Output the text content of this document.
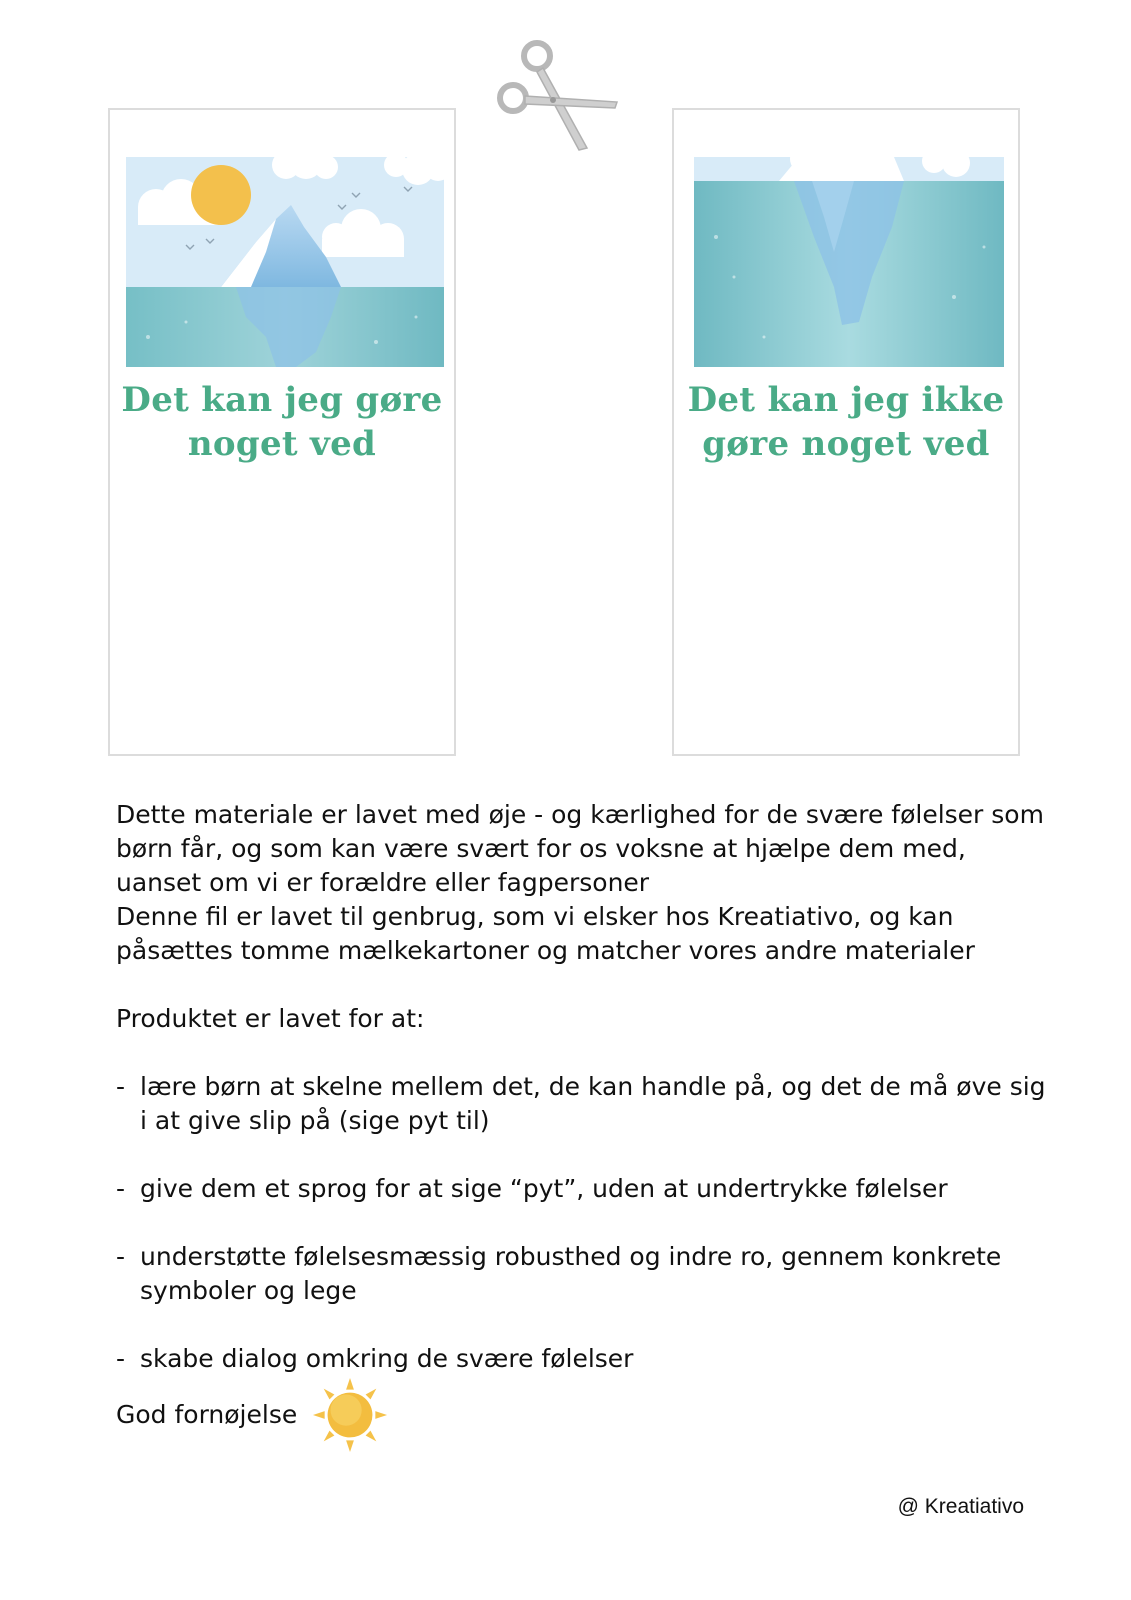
Det kan jeg gøre
noget ved
Det kan jeg ikke
gøre noget ved

Dette materiale er lavet med øje - og kærlighed for de svære følelser som børn får, og som kan være svært for os voksne at hjælpe dem med, uanset om vi er forældre eller fagpersoner

Denne fil er lavet til genbrug, som vi elsker hos Kreatiativo, og kan påsættes tomme mælkekartoner og matcher vores andre materialer

Produktet er lavet for at:

- lære børn at skelne mellem det, de kan handle på, og det de må øve sig i at give slip på (sige pyt til)
- give dem et sprog for at sige “pyt”, uden at undertrykke følelser
- understøtte følelsesmæssig robusthed og indre ro, gennem konkrete symboler og lege
- skabe dialog omkring de svære følelser
God fornøjelse
@ Kreatiativo
